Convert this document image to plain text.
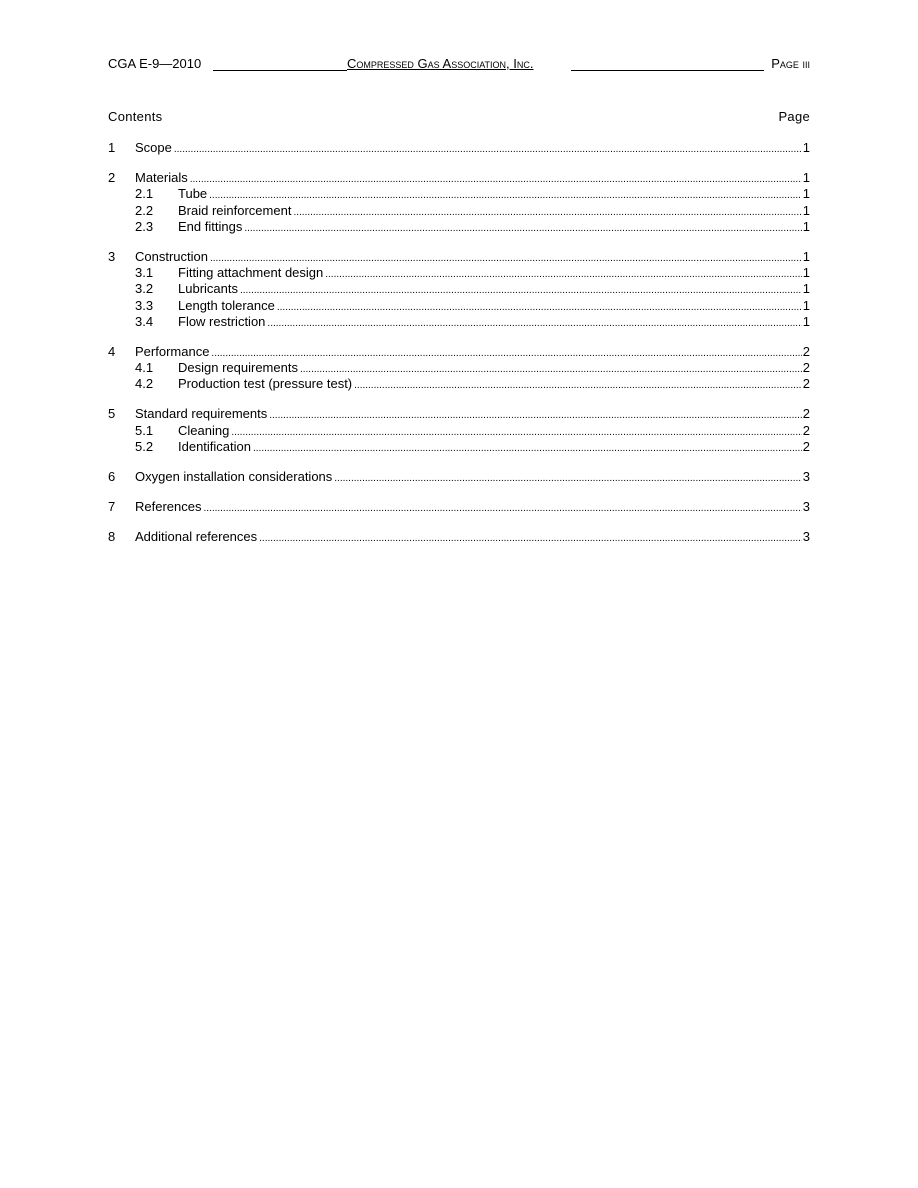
CGA E-9—2010	Compressed Gas Association, Inc.	Page iii
Contents	Page
1	Scope .....	1
2	Materials .....	1
2.1	Tube .....	1
2.2	Braid reinforcement .....	1
2.3	End fittings .....	1
3	Construction .....	1
3.1	Fitting attachment design .....	1
3.2	Lubricants .....	1
3.3	Length tolerance .....	1
3.4	Flow restriction .....	1
4	Performance .....	2
4.1	Design requirements .....	2
4.2	Production test (pressure test) .....	2
5	Standard requirements .....	2
5.1	Cleaning .....	2
5.2	Identification .....	2
6	Oxygen installation considerations .....	3
7	References .....	3
8	Additional references .....	3
